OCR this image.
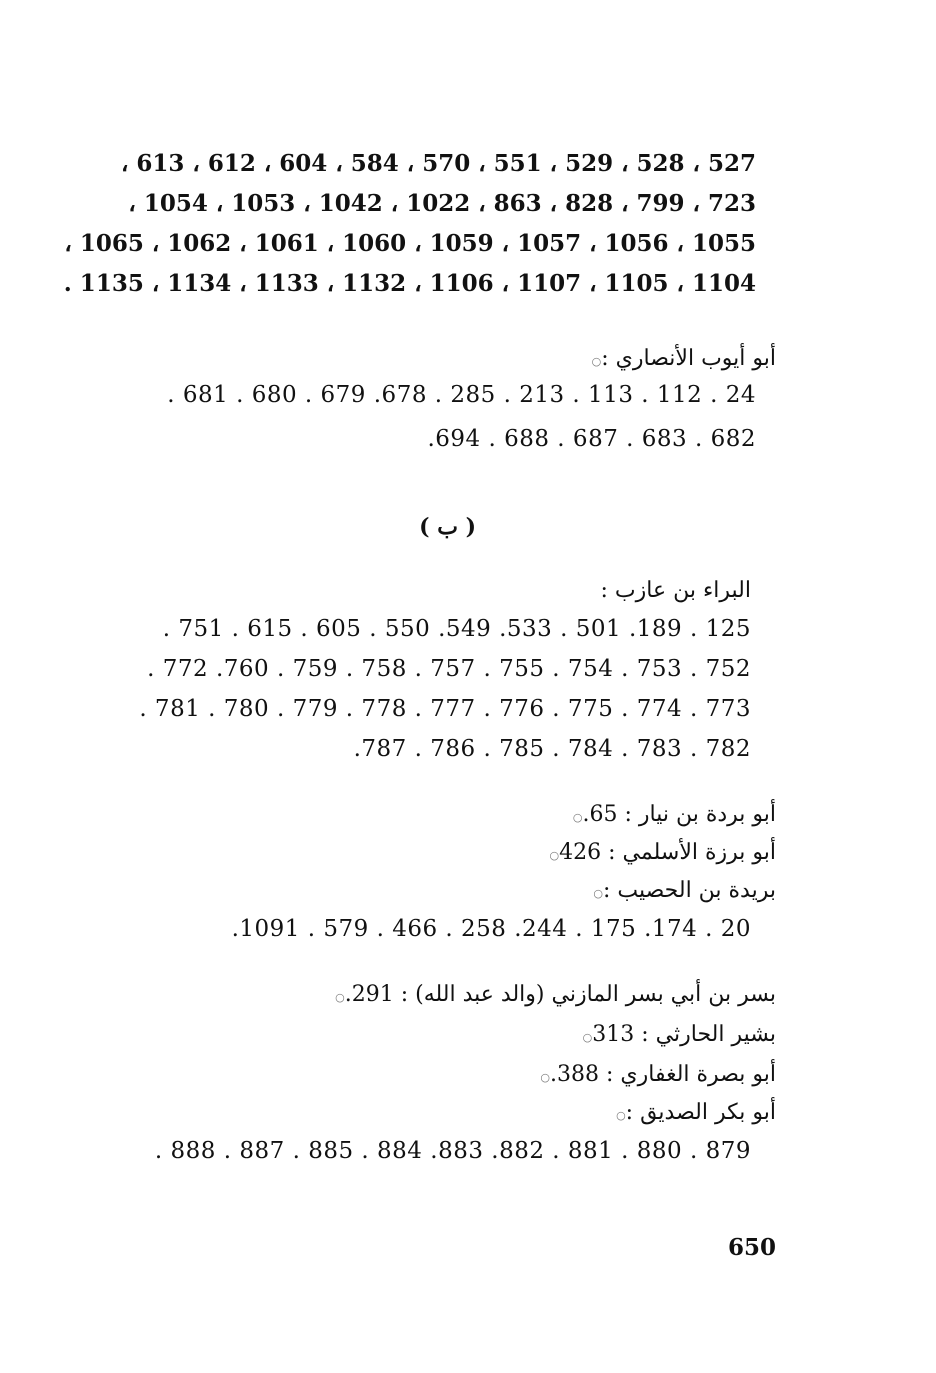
، 613 ، 612 ، 604 ، 584 ، 570 ، 551 ، 529 ، 528 ، 527
، 1054 ، 1053 ، 1042 ، 1022 ، 863 ، 828 ، 799 ، 723
، 1065 ، 1062 ، 1061 ، 1060 ، 1059 ، 1057 ، 1056 ، 1055
. 1135 ، 1134 ، 1133 ، 1132 ، 1106 ، 1107 ، 1105 ، 1104
أبو أيوب الأنصاري :○
. 681 . 680 . 679 .678 . 285 . 213 . 113 . 112 . 24
.694 . 688 . 687 . 683 . 682
( ب )
البراء بن عازب :
. 751 . 615 . 605 . 550 .549 .533 . 501 .189 . 125
. 772 .760 . 759 . 758 . 757 . 755 . 754 . 753 . 752
. 781 . 780 . 779 . 778 . 777 . 776 . 775 . 774 . 773
.787 . 786 . 785 . 784 . 783 . 782
أبو بردة بن نيار : 65.○
أبو برزة الأسلمي : 426○
بريدة بن الحصيب :○
.1091 . 579 . 466 . 258 .244 . 175 .174 . 20
بسر بن أبي بسر المازني (والد عبد الله) : 291.○
بشير الحارثي : 313○
أبو بصرة الغفاري : 388.○
أبو بكر الصديق :○
. 888 . 887 . 885 . 884 .883 .882 . 881 . 880 . 879
650
